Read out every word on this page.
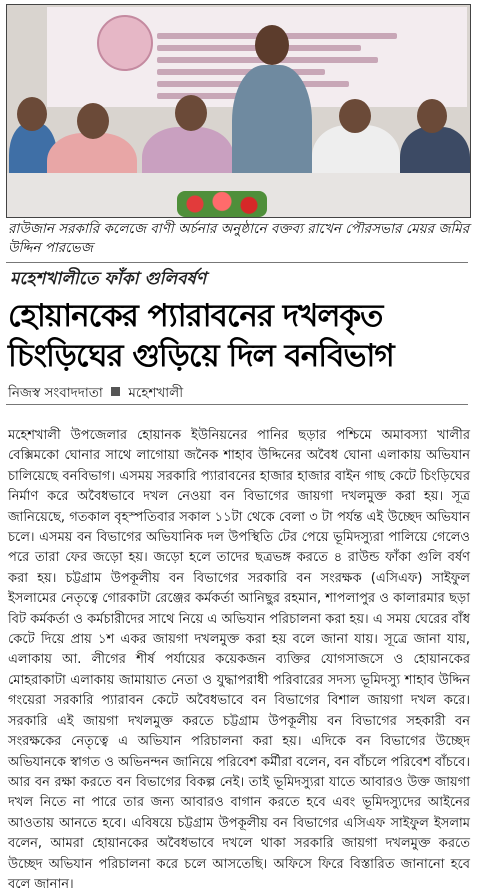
রাউজান সরকারি কলেজে বাণী অর্চনার অনুষ্ঠানে বক্তব্য রাখেন পৌরসভার মেয়র জমির উদ্দিন পারভেজ
মহেশখালীতে ফাঁকা গুলিবর্ষণ
হোয়ানকের প্যারাবনের দখলকৃত
চিংড়িঘের গুড়িয়ে দিল বনবিভাগ
নিজস্ব সংবাদদাতা মহেশখালী
মহেশখালী উপজেলার হোয়ানক ইউনিয়নের পানির ছড়ার পশ্চিমে অমাবস্যা খালীর বেক্সিমকো ঘোনার সাথে লাগোয়া জনৈক শাহাব উদ্দিনের অবৈধ ঘোনা এলাকায় অভিযান চালিয়েছে বনবিভাগ। এসময় সরকারি প্যারাবনের হাজার হাজার বাইন গাছ কেটে চিংড়িঘের নির্মাণ করে অবৈধভাবে দখল নেওয়া বন বিভাগের জায়গা দখলমুক্ত করা হয়। সূত্র জানিয়েছে, গতকাল বৃহস্পতিবার সকাল ১১টা থেকে বেলা ৩ টা পর্যন্ত এই উচ্ছেদ অভিযান চলে। এসময় বন বিভাগের অভিযানিক দল উপস্থিতি টের পেয়ে ভূমিদস্যুরা পালিয়ে গেলেও পরে তারা ফের জড়ো হয়। জড়ো হলে তাদের ছত্রভঙ্গ করতে ৪ রাউন্ড ফাঁকা গুলি বর্ষণ করা হয়। চট্টগ্রাম উপকূলীয় বন বিভাগের সরকারি বন সংরক্ষক (এসিএফ) সাইফুল ইসলামের নেতৃত্বে গোরকাটা রেঞ্জের কর্মকর্তা আনিছুর রহমান, শাপলাপুর ও কালারমার ছড়া বিট কর্মকর্তা ও কর্মচারীদের সাথে নিয়ে এ অভিযান পরিচালনা করা হয়। এ সময় ঘেরের বাঁধ কেটে দিয়ে প্রায় ১শ একর জায়গা দখলমুক্ত করা হয় বলে জানা যায়। সূত্রে জানা যায়, এলাকায় আ. লীগের শীর্ষ পর্যায়ের কয়েকজন ব্যক্তির যোগসাজসে ও হোয়ানকের মোহরাকাটা এলাকায় জামায়াত নেতা ও যুদ্ধাপরাধী পরিবারের সদস্য ভূমিদস্যু শাহাব উদ্দিন গংয়েরা সরকারি প্যারাবন কেটে অবৈধভাবে বন বিভাগের বিশাল জায়গা দখল করে। সরকারি এই জায়গা দখলমুক্ত করতে চট্টগ্রাম উপকূলীয় বন বিভাগের সহকারী বন সংরক্ষকের নেতৃত্বে এ অভিযান পরিচালনা করা হয়। এদিকে বন বিভাগের উচ্ছেদ অভিযানকে স্বাগত ও অভিনন্দন জানিয়ে পরিবেশ কর্মীরা বলেন, বন বাঁচলে পরিবেশ বাঁচবে। আর বন রক্ষা করতে বন বিভাগের বিকল্প নেই। তাই ভূমিদস্যুরা যাতে আবারও উক্ত জায়গা দখল নিতে না পারে তার জন্য আবারও বাগান করতে হবে এবং ভূমিদস্যুদের আইনের আওতায় আনতে হবে। এবিষয়ে চট্টগ্রাম উপকূলীয় বন বিভাগের এসিএফ সাইফুল ইসলাম বলেন, আমরা হোয়ানকের অবৈধভাবে দখলে থাকা সরকারি জায়গা দখলমুক্ত করতে উচ্ছেদ অভিযান পরিচালনা করে চলে আসতেছি। অফিসে ফিরে বিস্তারিত জানানো হবে বলে জানান।
